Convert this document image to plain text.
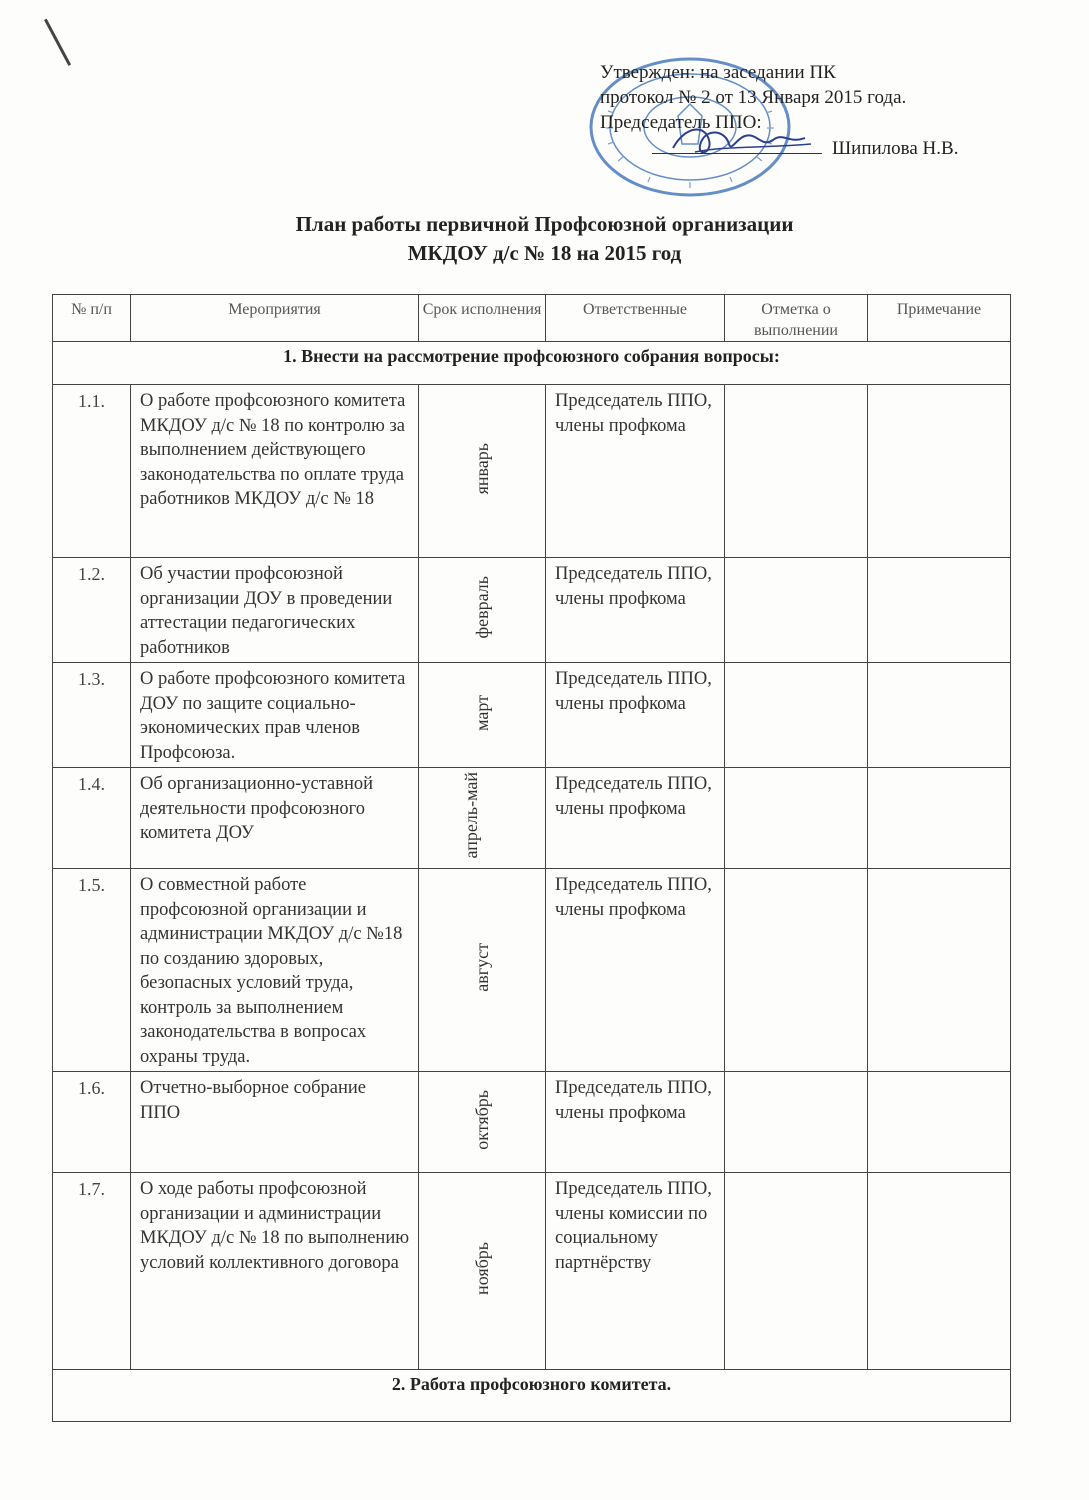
Утвержден: на заседании ПК
протокол № 2 от 13 Января 2015 года.
Председатель ППО:
Шипилова Н.В.
План работы первичной Профсоюзной организации
МКДОУ д/с № 18 на 2015 год
№ п/п	Мероприятия	Срок исполнения	Ответственные	Отметка о выполнении	Примечание
1. Внести на рассмотрение профсоюзного собрания вопросы:					
1.1.	О работе профсоюзного комитета МКДОУ д/с № 18 по контролю за выполнением действующего законодательства по оплате труда работников МКДОУ д/с № 18	январь	Председатель ППО, члены профкома		
1.2.	Об участии профсоюзной организации ДОУ в проведении аттестации педагогических работников	февраль	Председатель ППО, члены профкома		
1.3.	О работе профсоюзного комитета ДОУ по защите социально-экономических прав членов Профсоюза.	март	Председатель ППО, члены профкома		
1.4.	Об организационно-уставной деятельности профсоюзного комитета ДОУ	апрель-май	Председатель ППО, члены профкома		
1.5.	О совместной работе профсоюзной организации и администрации МКДОУ д/с №18 по созданию здоровых, безопасных условий труда, контроль за выполнением законодательства в вопросах охраны труда.	август	Председатель ППО, члены профкома		
1.6.	Отчетно-выборное собрание ППО	октябрь	Председатель ППО, члены профкома		
1.7.	О ходе работы профсоюзной организации и администрации МКДОУ д/с № 18 по выполнению условий коллективного договора	ноябрь	Председатель ППО, члены комиссии по социальному партнёрству		
2. Работа профсоюзного комитета.					
